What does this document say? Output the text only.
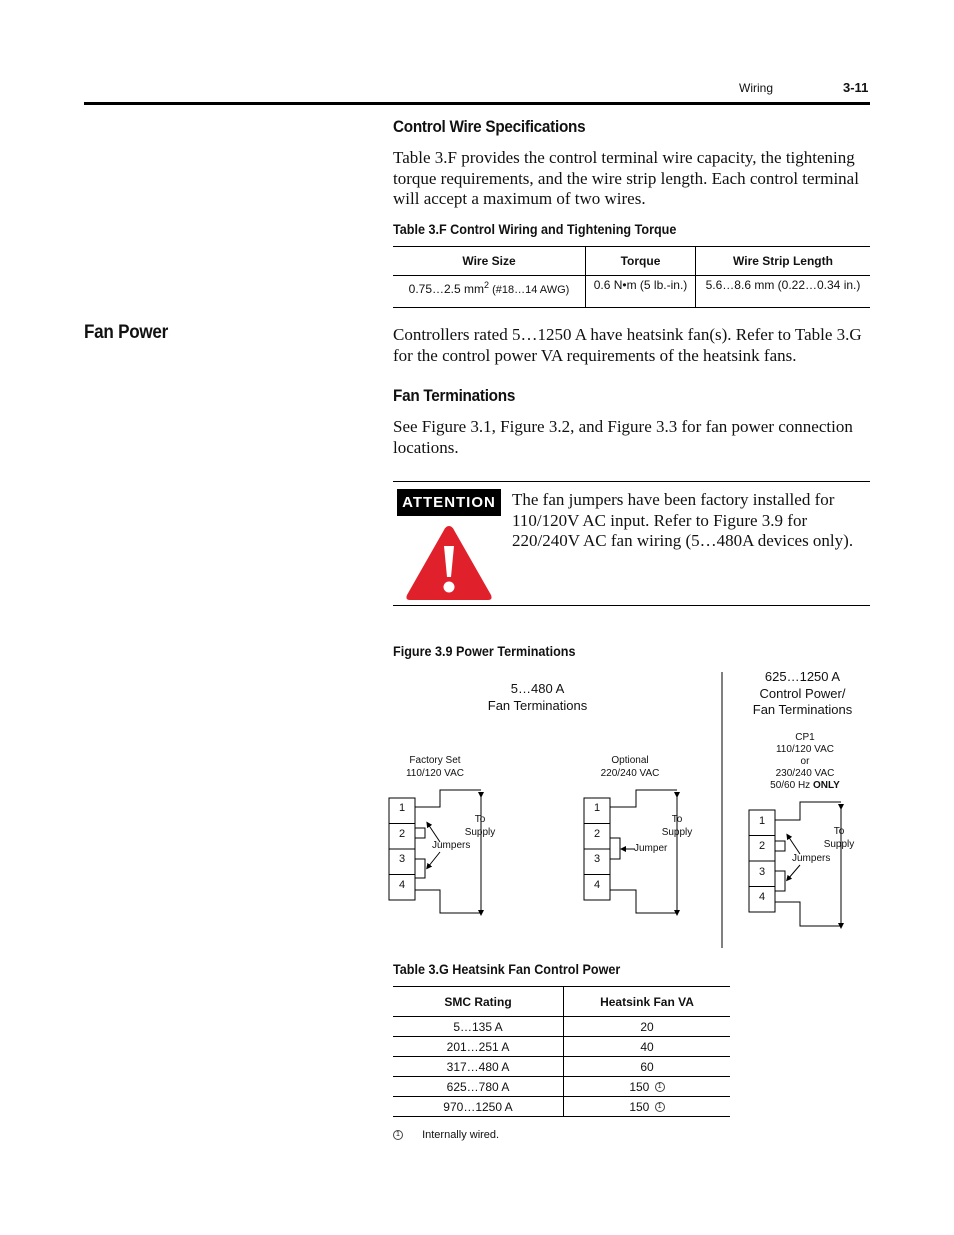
Wiring	3-11
Control Wire Specifications
Table 3.F provides the control terminal wire capacity, the tightening
torque requirements, and the wire strip length. Each control terminal
will accept a maximum of two wires.
Table 3.F Control Wiring and Tightening Torque
Wire Size	Torque	Wire Strip Length
0.75…2.5 $mm^2$ (#18…14 AWG)	0.6 N•m (5 lb.-in.)	5.6…8.6 mm (0.22…0.34 in.)
Fan Power	Controllers rated 5…1250 A have heatsink fan(s). Refer to Table 3.G
for the control power VA requirements of the heatsink fans.
Fan Terminations
See Figure 3.1, Figure 3.2, and Figure 3.3 for fan power connection
locations.
ATTENTION The fan jumpers have been factory installed for
110/120V AC input. Refer to Figure 3.9 for
220/240V AC fan wiring (5…480A devices only).
Figure 3.9 Power Terminations
5…480 A
Fan Terminations
625…1250 A
Control Power/
Fan Terminations
Factory Set
110/120 VAC
Optional
220/240 VAC
CP1
110/120 VAC
or
230/240 VAC
50/60 Hz ONLY
1
2
3
4
1
2
3
4
1
2
3
4
To
Supply
To
Supply	To
Supply
Jumpers	Jumper
Jumpers
Table 3.G Heatsink Fan Control Power
SMC Rating	Heatsink Fan VA
5…135 A	20
201…251 A	40
317…480 A	60
625…780 A	150 1
970…1250 A	150 1
1 Internally wired.
